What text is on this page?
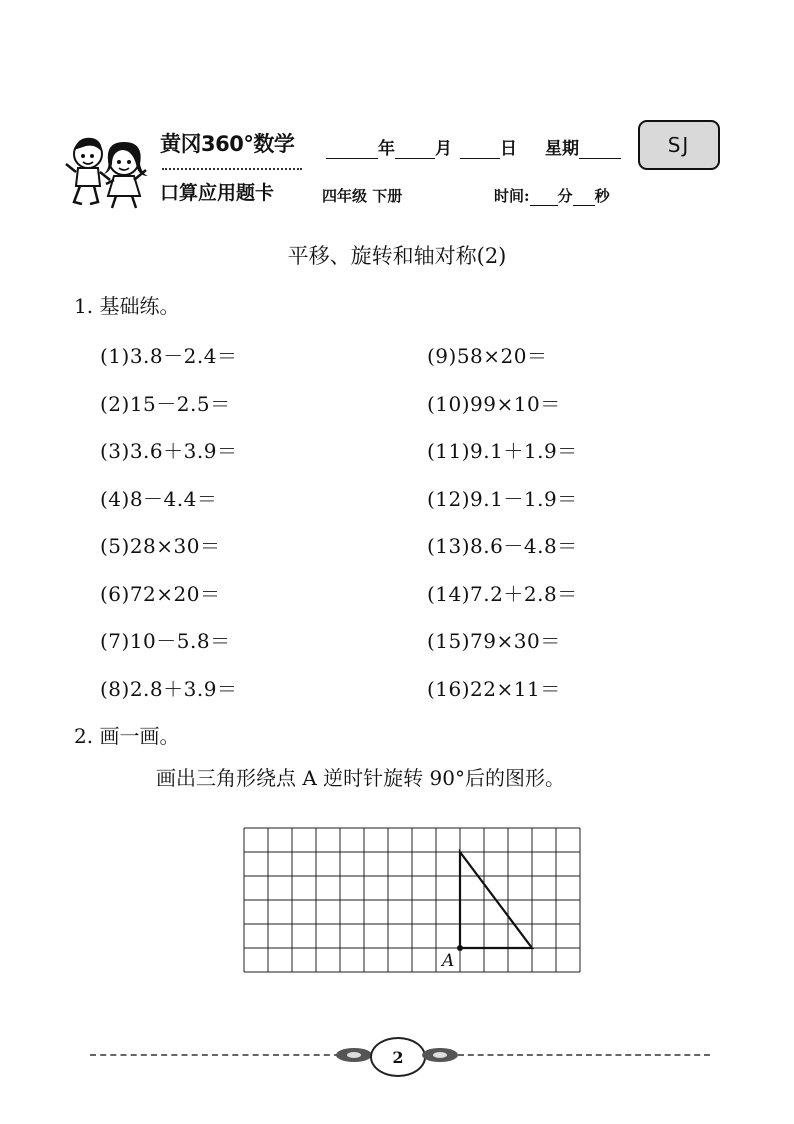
黄冈360°数学
口算应用题卡
年 月	日 星期	SJ
四年级 下册	时间: 分 秒
平移、旋转和轴对称(2)
1. 基础练。
(1)3.8－2.4＝
(2)15－2.5＝
(3)3.6＋3.9＝
(4)8－4.4＝
(5)28×30＝
(6)72×20＝
(7)10－5.8＝
(8)2.8＋3.9＝
(9)58×20＝
(10)99×10＝
(11)9.1＋1.9＝
(12)9.1－1.9＝
(13)8.6－4.8＝
(14)7.2＋2.8＝
(15)79×30＝
(16)22×11＝
2. 画一画。
画出三角形绕点 A 逆时针旋转 90°后的图形。
A
2
